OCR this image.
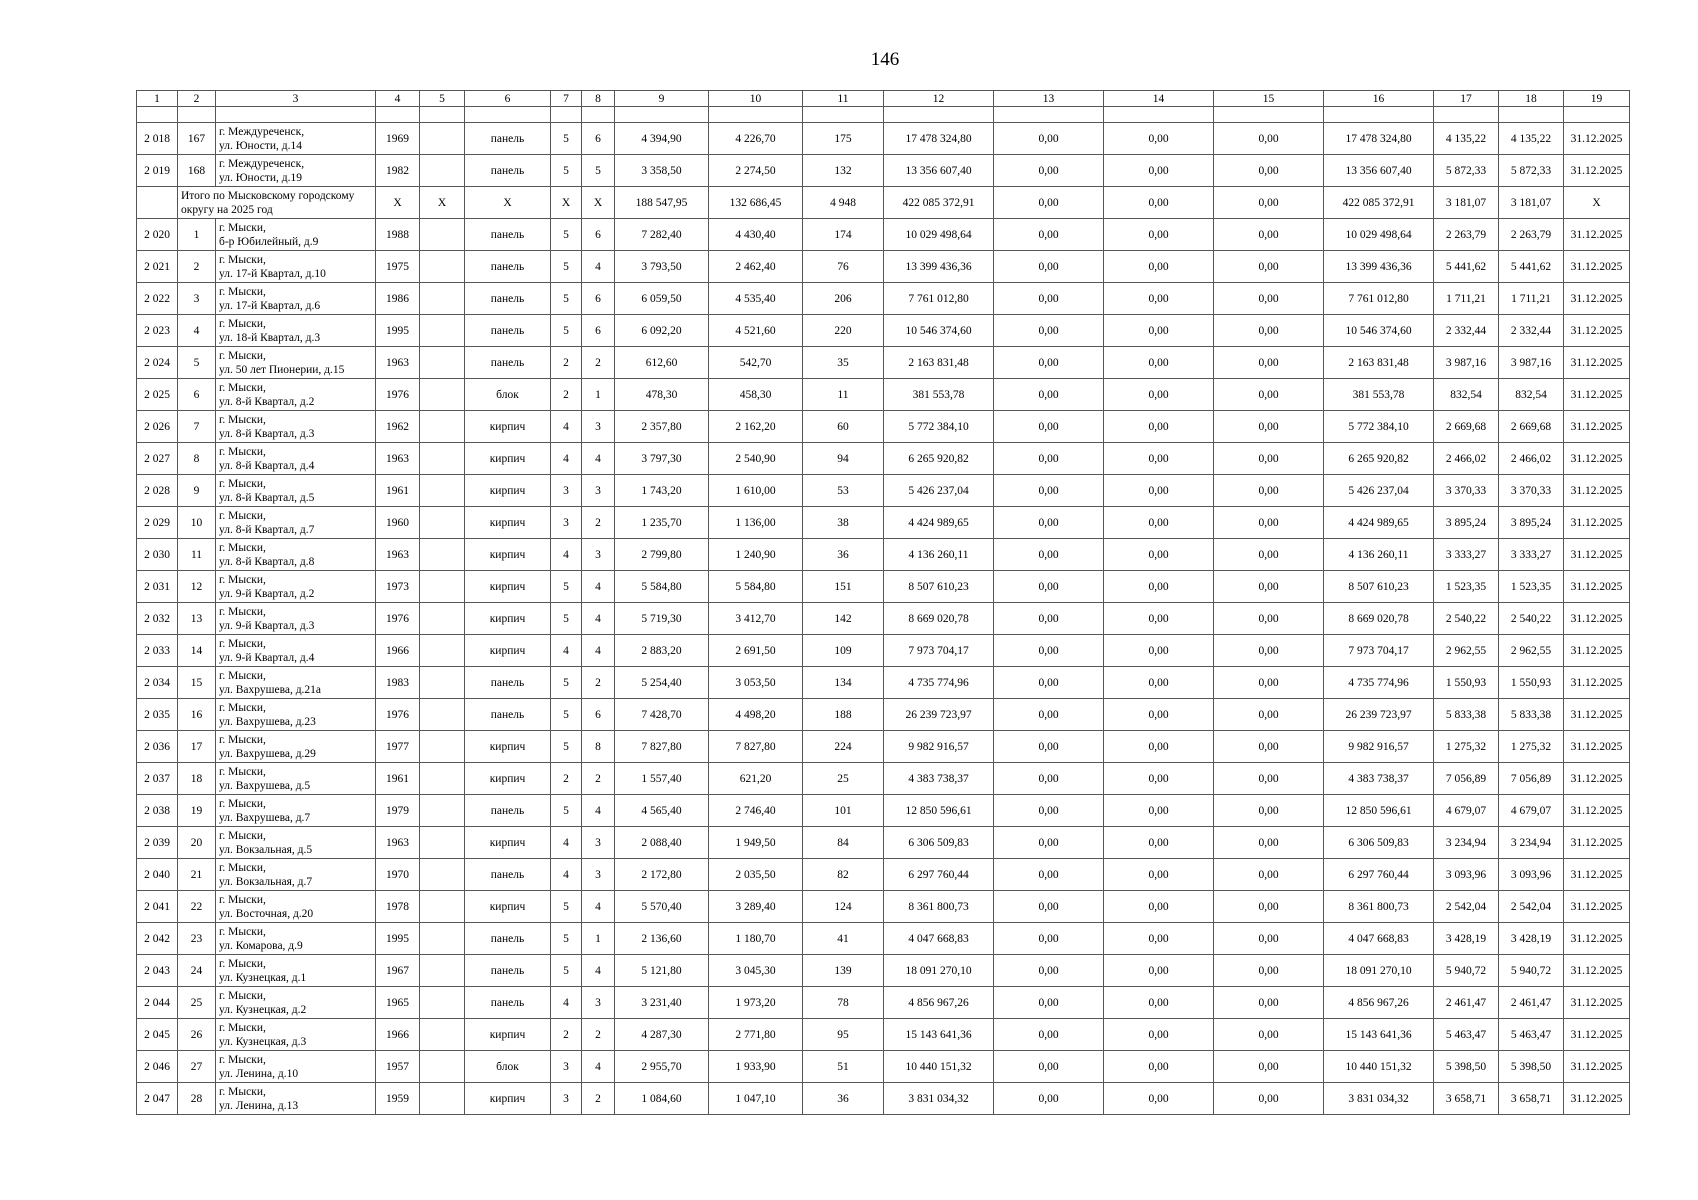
146
1	2	3	4	5	6	7	8	9	10	11	12	13	14	15	16	17	18	19

2 018	167	г. Междуреченск,
ул. Юности, д.14	1969		панель	5	6	4 394,90	4 226,70	175	17 478 324,80	0,00	0,00	0,00	17 478 324,80	4 135,22	4 135,22	31.12.2025
2 019	168	г. Междуреченск,
ул. Юности, д.19	1982		панель	5	5	3 358,50	2 274,50	132	13 356 607,40	0,00	0,00	0,00	13 356 607,40	5 872,33	5 872,33	31.12.2025
	Итого по Мысковскому городскому округу на 2025 год		X	X	X	X	X	188 547,95	132 686,45	4 948	422 085 372,91	0,00	0,00	0,00	422 085 372,91	3 181,07	3 181,07	X
2 020	1	г. Мыски,
б-р Юбилейный, д.9	1988		панель	5	6	7 282,40	4 430,40	174	10 029 498,64	0,00	0,00	0,00	10 029 498,64	2 263,79	2 263,79	31.12.2025
2 021	2	г. Мыски,
ул. 17-й Квартал, д.10	1975		панель	5	4	3 793,50	2 462,40	76	13 399 436,36	0,00	0,00	0,00	13 399 436,36	5 441,62	5 441,62	31.12.2025
2 022	3	г. Мыски,
ул. 17-й Квартал, д.6	1986		панель	5	6	6 059,50	4 535,40	206	7 761 012,80	0,00	0,00	0,00	7 761 012,80	1 711,21	1 711,21	31.12.2025
2 023	4	г. Мыски,
ул. 18-й Квартал, д.3	1995		панель	5	6	6 092,20	4 521,60	220	10 546 374,60	0,00	0,00	0,00	10 546 374,60	2 332,44	2 332,44	31.12.2025
2 024	5	г. Мыски,
ул. 50 лет Пионерии, д.15	1963		панель	2	2	612,60	542,70	35	2 163 831,48	0,00	0,00	0,00	2 163 831,48	3 987,16	3 987,16	31.12.2025
2 025	6	г. Мыски,
ул. 8-й Квартал, д.2	1976		блок	2	1	478,30	458,30	11	381 553,78	0,00	0,00	0,00	381 553,78	832,54	832,54	31.12.2025
2 026	7	г. Мыски,
ул. 8-й Квартал, д.3	1962		кирпич	4	3	2 357,80	2 162,20	60	5 772 384,10	0,00	0,00	0,00	5 772 384,10	2 669,68	2 669,68	31.12.2025
2 027	8	г. Мыски,
ул. 8-й Квартал, д.4	1963		кирпич	4	4	3 797,30	2 540,90	94	6 265 920,82	0,00	0,00	0,00	6 265 920,82	2 466,02	2 466,02	31.12.2025
2 028	9	г. Мыски,
ул. 8-й Квартал, д.5	1961		кирпич	3	3	1 743,20	1 610,00	53	5 426 237,04	0,00	0,00	0,00	5 426 237,04	3 370,33	3 370,33	31.12.2025
2 029	10	г. Мыски,
ул. 8-й Квартал, д.7	1960		кирпич	3	2	1 235,70	1 136,00	38	4 424 989,65	0,00	0,00	0,00	4 424 989,65	3 895,24	3 895,24	31.12.2025
2 030	11	г. Мыски,
ул. 8-й Квартал, д.8	1963		кирпич	4	3	2 799,80	1 240,90	36	4 136 260,11	0,00	0,00	0,00	4 136 260,11	3 333,27	3 333,27	31.12.2025
2 031	12	г. Мыски,
ул. 9-й Квартал, д.2	1973		кирпич	5	4	5 584,80	5 584,80	151	8 507 610,23	0,00	0,00	0,00	8 507 610,23	1 523,35	1 523,35	31.12.2025
2 032	13	г. Мыски,
ул. 9-й Квартал, д.3	1976		кирпич	5	4	5 719,30	3 412,70	142	8 669 020,78	0,00	0,00	0,00	8 669 020,78	2 540,22	2 540,22	31.12.2025
2 033	14	г. Мыски,
ул. 9-й Квартал, д.4	1966		кирпич	4	4	2 883,20	2 691,50	109	7 973 704,17	0,00	0,00	0,00	7 973 704,17	2 962,55	2 962,55	31.12.2025
2 034	15	г. Мыски,
ул. Вахрушева, д.21а	1983		панель	5	2	5 254,40	3 053,50	134	4 735 774,96	0,00	0,00	0,00	4 735 774,96	1 550,93	1 550,93	31.12.2025
2 035	16	г. Мыски,
ул. Вахрушева, д.23	1976		панель	5	6	7 428,70	4 498,20	188	26 239 723,97	0,00	0,00	0,00	26 239 723,97	5 833,38	5 833,38	31.12.2025
2 036	17	г. Мыски,
ул. Вахрушева, д.29	1977		кирпич	5	8	7 827,80	7 827,80	224	9 982 916,57	0,00	0,00	0,00	9 982 916,57	1 275,32	1 275,32	31.12.2025
2 037	18	г. Мыски,
ул. Вахрушева, д.5	1961		кирпич	2	2	1 557,40	621,20	25	4 383 738,37	0,00	0,00	0,00	4 383 738,37	7 056,89	7 056,89	31.12.2025
2 038	19	г. Мыски,
ул. Вахрушева, д.7	1979		панель	5	4	4 565,40	2 746,40	101	12 850 596,61	0,00	0,00	0,00	12 850 596,61	4 679,07	4 679,07	31.12.2025
2 039	20	г. Мыски,
ул. Вокзальная, д.5	1963		кирпич	4	3	2 088,40	1 949,50	84	6 306 509,83	0,00	0,00	0,00	6 306 509,83	3 234,94	3 234,94	31.12.2025
2 040	21	г. Мыски,
ул. Вокзальная, д.7	1970		панель	4	3	2 172,80	2 035,50	82	6 297 760,44	0,00	0,00	0,00	6 297 760,44	3 093,96	3 093,96	31.12.2025
2 041	22	г. Мыски,
ул. Восточная, д.20	1978		кирпич	5	4	5 570,40	3 289,40	124	8 361 800,73	0,00	0,00	0,00	8 361 800,73	2 542,04	2 542,04	31.12.2025
2 042	23	г. Мыски,
ул. Комарова, д.9	1995		панель	5	1	2 136,60	1 180,70	41	4 047 668,83	0,00	0,00	0,00	4 047 668,83	3 428,19	3 428,19	31.12.2025
2 043	24	г. Мыски,
ул. Кузнецкая, д.1	1967		панель	5	4	5 121,80	3 045,30	139	18 091 270,10	0,00	0,00	0,00	18 091 270,10	5 940,72	5 940,72	31.12.2025
2 044	25	г. Мыски,
ул. Кузнецкая, д.2	1965		панель	4	3	3 231,40	1 973,20	78	4 856 967,26	0,00	0,00	0,00	4 856 967,26	2 461,47	2 461,47	31.12.2025
2 045	26	г. Мыски,
ул. Кузнецкая, д.3	1966		кирпич	2	2	4 287,30	2 771,80	95	15 143 641,36	0,00	0,00	0,00	15 143 641,36	5 463,47	5 463,47	31.12.2025
2 046	27	г. Мыски,
ул. Ленина, д.10	1957		блок	3	4	2 955,70	1 933,90	51	10 440 151,32	0,00	0,00	0,00	10 440 151,32	5 398,50	5 398,50	31.12.2025
2 047	28	г. Мыски,
ул. Ленина, д.13	1959		кирпич	3	2	1 084,60	1 047,10	36	3 831 034,32	0,00	0,00	0,00	3 831 034,32	3 658,71	3 658,71	31.12.2025
